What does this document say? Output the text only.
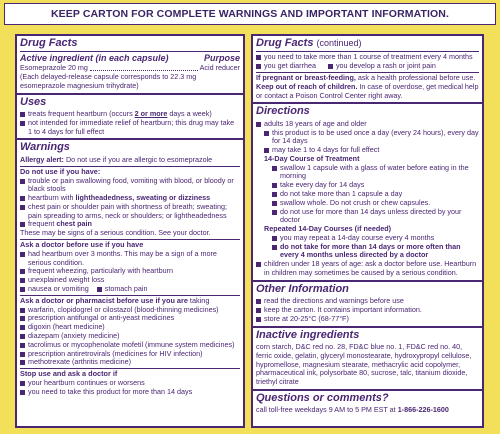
KEEP CARTON FOR COMPLETE WARNINGS AND IMPORTANT INFORMATION.
Drug Facts
Active ingredient (in each capsule)	Purpose
Esomeprazole 20 mg	Acid reducer
(Each delayed-release capsule corresponds to 22.3 mg
esomeprazole magnesium trihydrate)
Uses
treats frequent heartburn (occurs 2 or more days a week)
not intended for immediate relief of heartburn; this drug may take 1 to 4 days for full effect
Warnings
Allergy alert: Do not use if you are allergic to esomeprazole
Do not use if you have:
trouble or pain swallowing food, vomiting with blood, or bloody or black stools
heartburn with lightheadedness, sweating or dizziness
chest pain or shoulder pain with shortness of breath; sweating; pain spreading to arms, neck or shoulders; or lightheadedness
frequent chest pain
These may be signs of a serious condition. See your doctor.
Ask a doctor before use if you have
had heartburn over 3 months. This may be a sign of a more serious condition.
frequent wheezing, particularly with heartburn
unexplained weight loss
nausea or vomiting stomach pain
Ask a doctor or pharmacist before use if you are taking
warfarin, clopidogrel or cilostazol (blood-thinning medicines)
prescription antifungal or anti-yeast medicines
digoxin (heart medicine)
diazepam (anxiety medicine)
tacrolimus or mycophenolate mofetil (immune system medicines)
prescription antiretrovirals (medicines for HIV infection)
methotrexate (arthritis medicine)
Stop use and ask a doctor if
your heartburn continues or worsens
you need to take this product for more than 14 days
Drug Facts (continued)
you need to take more than 1 course of treatment every 4 months
you get diarrhea	you develop a rash or joint pain
If pregnant or breast-feeding, ask a health professional before use.
Keep out of reach of children. In case of overdose, get medical help or contact a Poison Control Center right away.
Directions
adults 18 years of age and older
this product is to be used once a day (every 24 hours), every day for 14 days
may take 1 to 4 days for full effect
14-Day Course of Treatment
swallow 1 capsule with a glass of water before eating in the morning
take every day for 14 days
do not take more than 1 capsule a day
swallow whole. Do not crush or chew capsules.
do not use for more than 14 days unless directed by your doctor
Repeated 14-Day Courses (if needed)
you may repeat a 14-day course every 4 months
do not take for more than 14 days or more often than every 4 months unless directed by a doctor
children under 18 years of age: ask a doctor before use. Heartburn in children may sometimes be caused by a serious condition.
Other Information
read the directions and warnings before use
keep the carton. It contains important information.
store at 20-25°C (68-77°F)
Inactive ingredients
corn starch, D&C red no. 28, FD&C blue no. 1, FD&C red no. 40, ferric oxide, gelatin, glyceryl monostearate, hydroxypropyl cellulose, hypromellose, magnesium stearate, methacrylic acid copolymer, pharmaceutical ink, polysorbate 80, sucrose, talc, titanium dioxide, triethyl citrate
Questions or comments?
call toll-free weekdays 9 AM to 5 PM EST at 1-866-226-1600
